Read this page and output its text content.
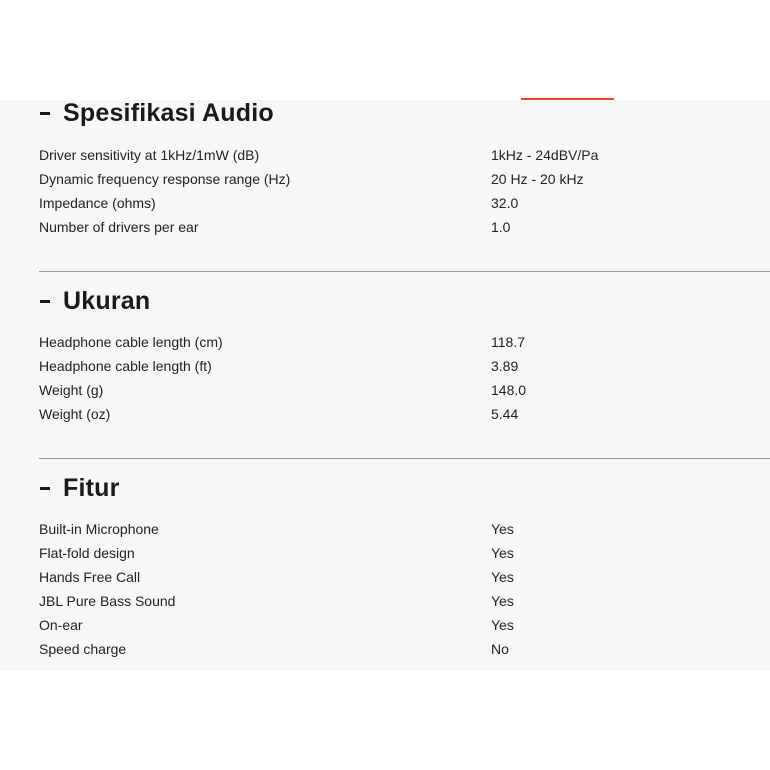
Spesifikasi Audio
Driver sensitivity at 1kHz/1mW (dB)	1kHz - 24dBV/Pa
Dynamic frequency response range (Hz)	20 Hz - 20 kHz
Impedance (ohms)	32.0
Number of drivers per ear	1.0
Ukuran
Headphone cable length (cm)	118.7
Headphone cable length (ft)	3.89
Weight (g)	148.0
Weight (oz)	5.44
Fitur
Built-in Microphone	Yes
Flat-fold design	Yes
Hands Free Call	Yes
JBL Pure Bass Sound	Yes
On-ear	Yes
Speed charge	No
